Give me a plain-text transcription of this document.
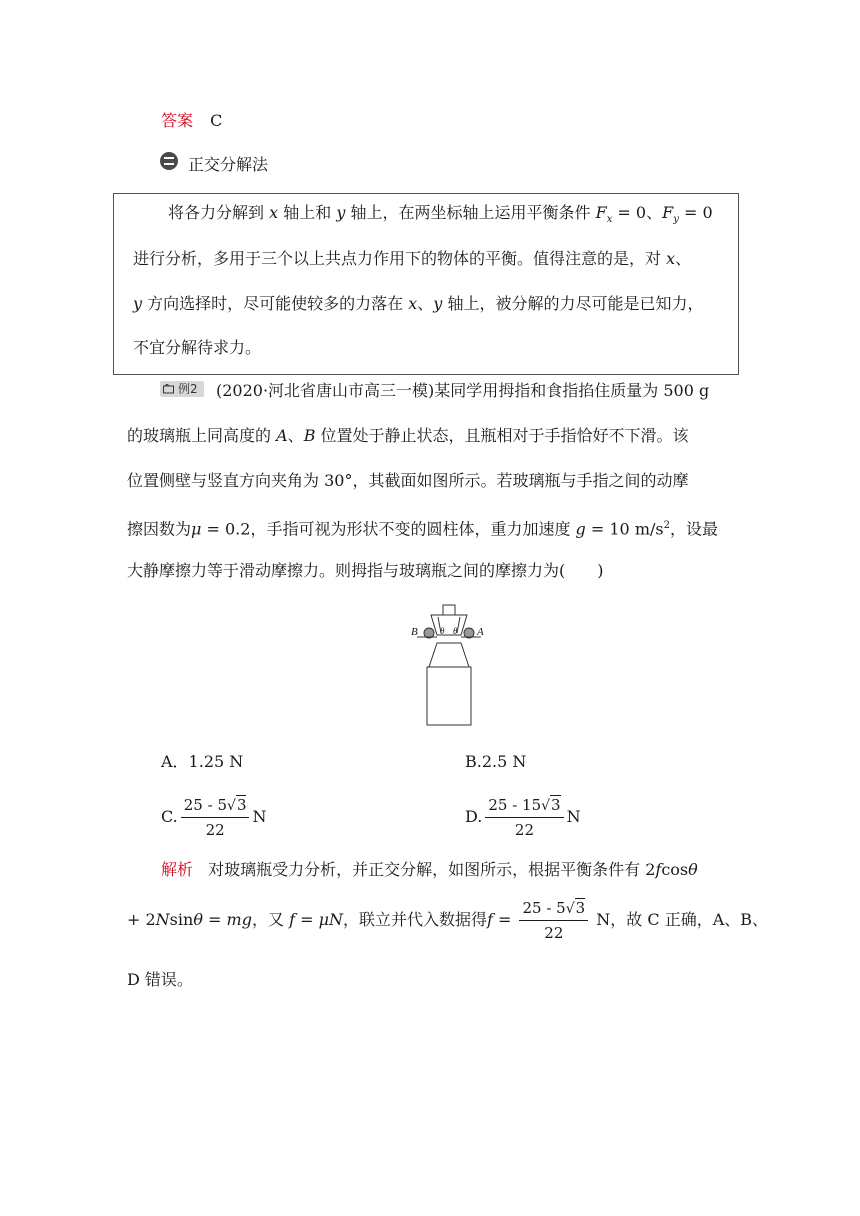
答案 C
正交分解法
将各力分解到 x 轴上和 y 轴上，在两坐标轴上运用平衡条件 $F_x = 0$、$F_y = 0$
进行分析，多用于三个以上共点力作用下的物体的平衡。值得注意的是，对 x、
y 方向选择时，尽可能使较多的力落在 x、y 轴上，被分解的力尽可能是已知力，
不宜分解待求力。
例2 (2020·河北省唐山市高三一模)某同学用拇指和食指掐住质量为 500 g
的玻璃瓶上同高度的 A、B 位置处于静止状态，且瓶相对于手指恰好不下滑。该
位置侧壁与竖直方向夹角为 30°，其截面如图所示。若玻璃瓶与手指之间的动摩
擦因数为μ = 0.2，手指可视为形状不变的圆柱体，重力加速度 g = 10 $m/s^2$，设最
大静摩擦力等于滑动摩擦力。则拇指与玻璃瓶之间的摩擦力为(　　)
B	A
θ θ
A．1.25 N	B.2.5 N
C. $\frac{25 - 5√3}{22}$ N	D. $\frac{25 - 15√3}{22}$ N
解析 对玻璃瓶受力分析，并正交分解，如图所示，根据平衡条件有 2fcosθ
+ 2Nsinθ = mg，又 f = μN，联立并代入数据得$f = \frac{25 - 5√3}{22}$ N，故 C 正确，A、B、
D 错误。
